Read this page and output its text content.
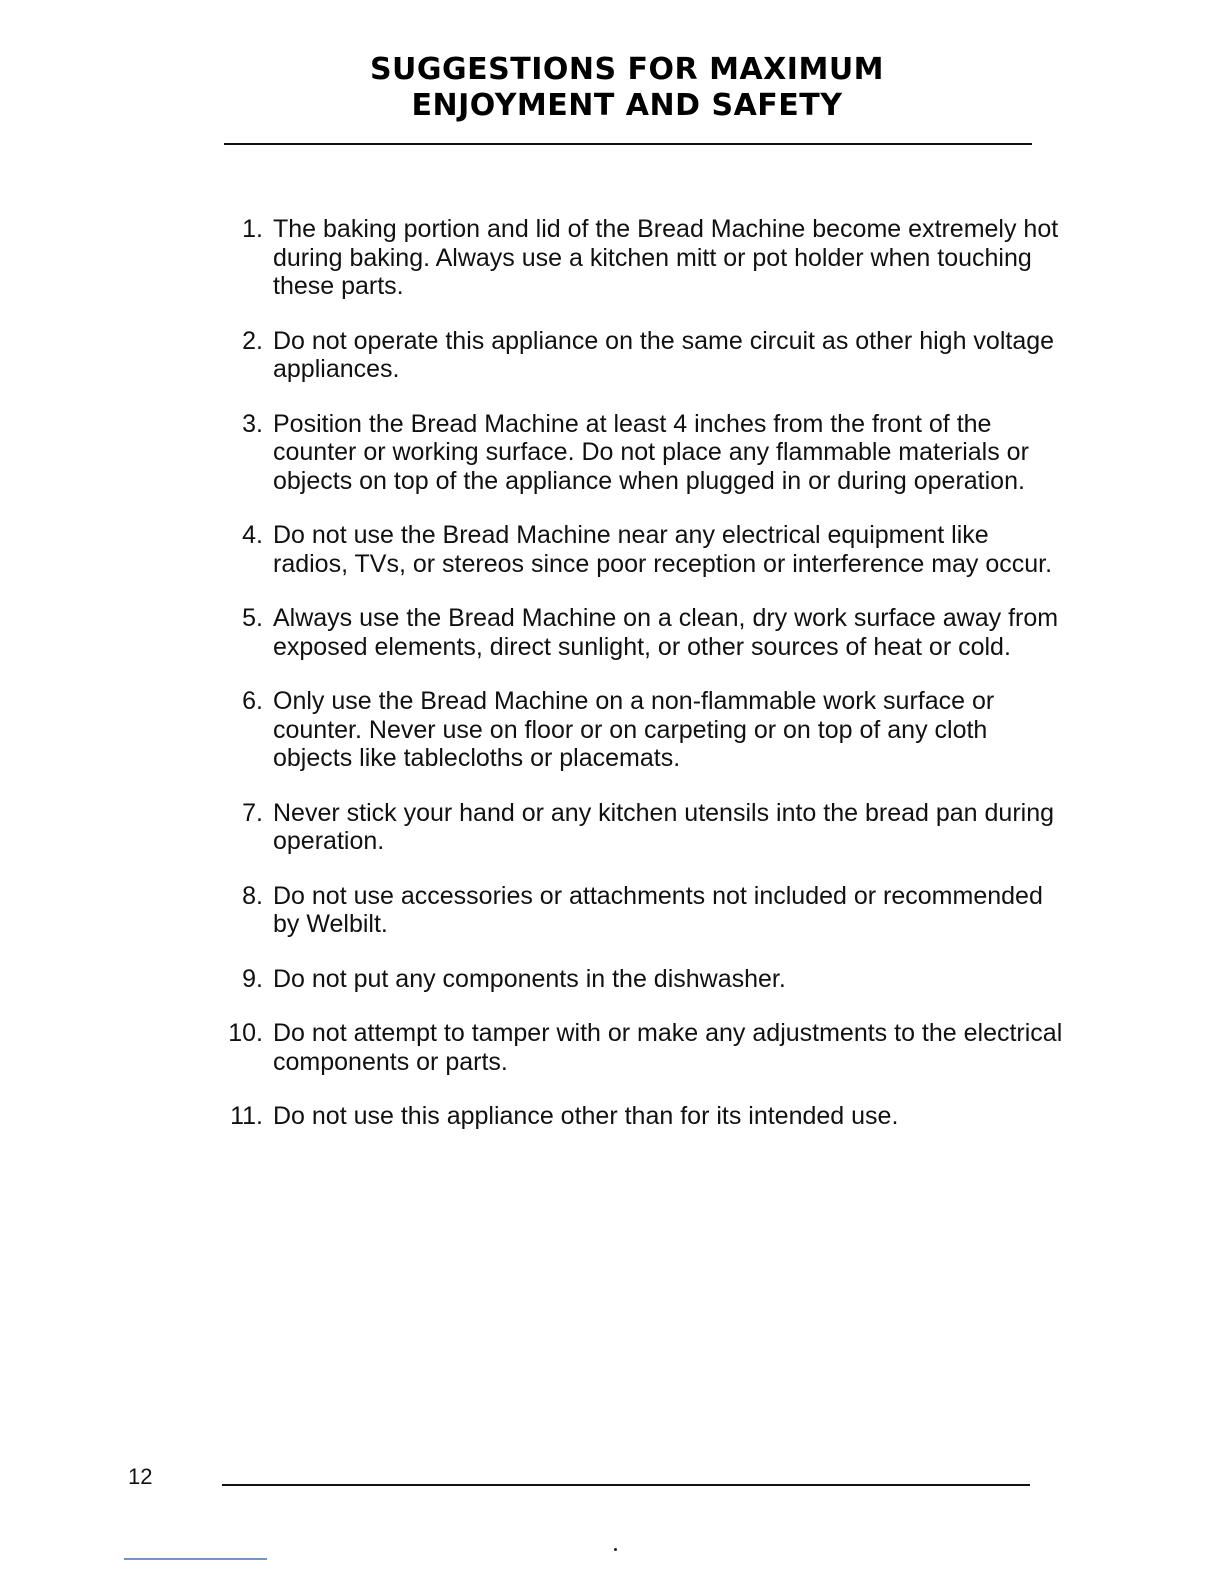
SUGGESTIONS FOR MAXIMUM
ENJOYMENT AND SAFETY
1. The baking portion and lid of the Bread Machine become extremely hot during baking. Always use a kitchen mitt or pot holder when touching these parts.
2. Do not operate this appliance on the same circuit as other high voltage appliances.
3. Position the Bread Machine at least 4 inches from the front of the counter or working surface. Do not place any flammable materials or objects on top of the appliance when plugged in or during operation.
4. Do not use the Bread Machine near any electrical equipment like radios, TVs, or stereos since poor reception or interference may occur.
5. Always use the Bread Machine on a clean, dry work surface away from exposed elements, direct sunlight, or other sources of heat or cold.
6. Only use the Bread Machine on a non-flammable work surface or counter. Never use on floor or on carpeting or on top of any cloth objects like tablecloths or placemats.
7. Never stick your hand or any kitchen utensils into the bread pan during operation.
8. Do not use accessories or attachments not included or recommended by Welbilt.
9. Do not put any components in the dishwasher.
10. Do not attempt to tamper with or make any adjustments to the electrical components or parts.
11. Do not use this appliance other than for its intended use.
12
